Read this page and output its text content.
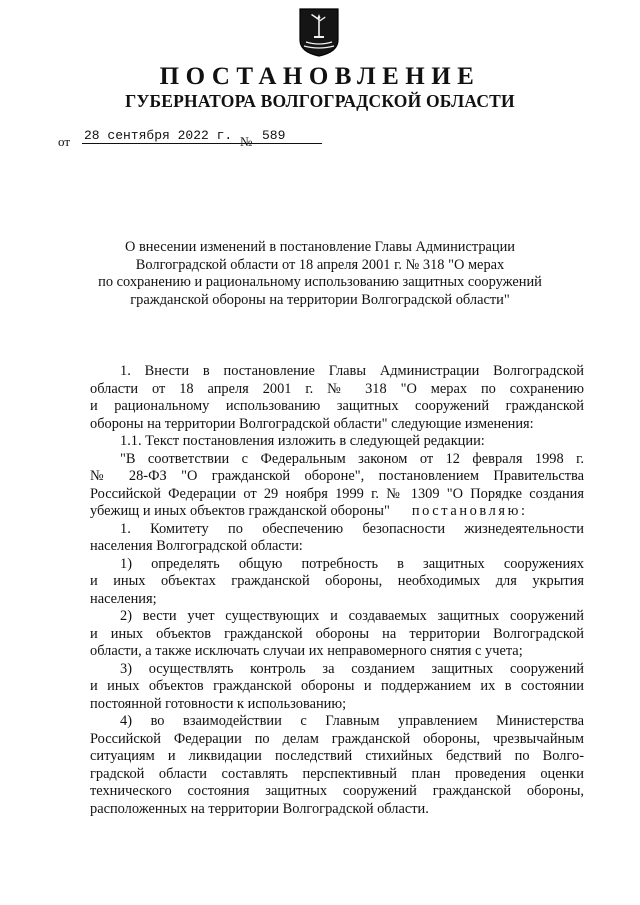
ПОСТАНОВЛЕНИЕ
ГУБЕРНАТОРА ВОЛГОГРАДСКОЙ ОБЛАСТИ
от 28 сентября 2022 г. № 589
О внесении изменений в постановление Главы Администрации
Волгоградской области от 18 апреля 2001 г. № 318 "О мерах
по сохранению и рациональному использованию защитных сооружений
гражданской обороны на территории Волгоградской области"
1. Внести в постановление Главы Администрации Волгоградской
области от 18 апреля 2001 г. № 318 "О мерах по сохранению
и рациональному использованию защитных сооружений гражданской
обороны на территории Волгоградской области" следующие изменения:
1.1. Текст постановления изложить в следующей редакции:
"В соответствии с Федеральным законом от 12 февраля 1998 г.
№ 28-ФЗ "О гражданской обороне", постановлением Правительства
Российской Федерации от 29 ноября 1999 г. № 1309 "О Порядке создания
убежищ и иных объектов гражданской обороны" постановляю:
1. Комитету по обеспечению безопасности жизнедеятельности
населения Волгоградской области:
1) определять общую потребность в защитных сооружениях
и иных объектах гражданской обороны, необходимых для укрытия
населения;
2) вести учет существующих и создаваемых защитных сооружений
и иных объектов гражданской обороны на территории Волгоградской
области, а также исключать случаи их неправомерного снятия с учета;
3) осуществлять контроль за созданием защитных сооружений
и иных объектов гражданской обороны и поддержанием их в состоянии
постоянной готовности к использованию;
4) во взаимодействии с Главным управлением Министерства
Российской Федерации по делам гражданской обороны, чрезвычайным
ситуациям и ликвидации последствий стихийных бедствий по Волго-
градской области составлять перспективный план проведения оценки
технического состояния защитных сооружений гражданской обороны,
расположенных на территории Волгоградской области.
